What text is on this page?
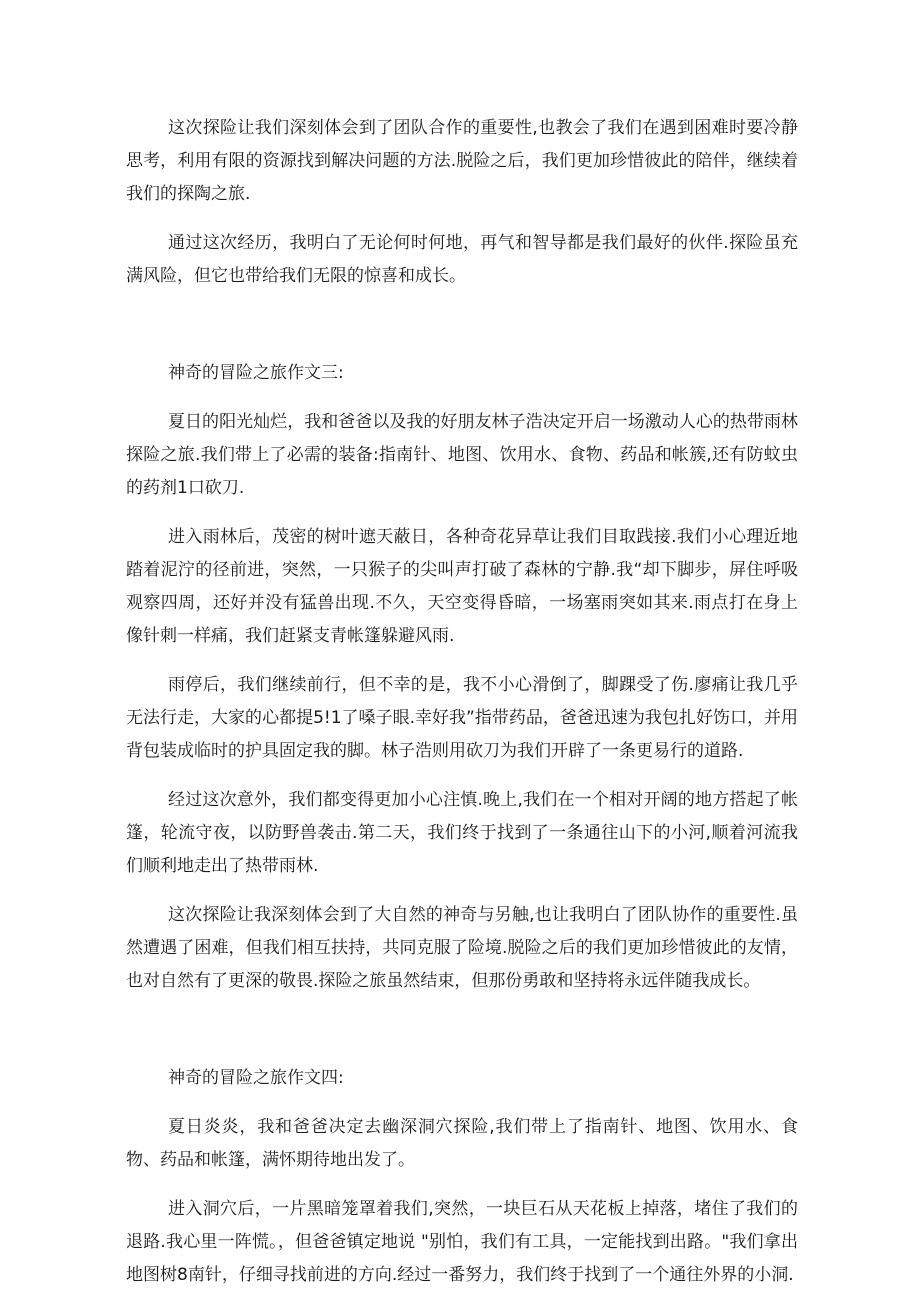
这次探险让我们深刻体会到了团队合作的重要性,也教会了我们在遇到困难时要冷静思考，利用有限的资源找到解决问题的方法.脱险之后，我们更加珍惜彼此的陪伴，继续着我们的探陶之旅.

通过这次经历，我明白了无论何时何地，再气和智导都是我们最好的伙伴.探险虽充满风险，但它也带给我们无限的惊喜和成长。

神奇的冒险之旅作文三:

夏日的阳光灿烂，我和爸爸以及我的好朋友林子浩决定开启一场激动人心的热带雨林探险之旅.我们带上了必需的装备:指南针、地图、饮用水、食物、药品和帐簇,还有防蚊虫的药剂1口砍刀.

进入雨林后，茂密的树叶遮天蔽日，各种奇花异草让我们目取践接.我们小心理近地踏着泥泞的径前进，突然，一只猴子的尖叫声打破了森林的宁静.我“却下脚步，屏住呼吸观察四周，还好并没有猛兽出现.不久，天空变得昏暗，一场塞雨突如其来.雨点打在身上像针刺一样痛，我们赶紧支青帐篷躲避风雨.

雨停后，我们继续前行，但不幸的是，我不小心滑倒了，脚踝受了伤.廖痛让我几乎无法行走，大家的心都提5!1了嗓子眼.幸好我”指带药品，爸爸迅速为我包扎好饬口，并用背包装成临时的护具固定我的脚。林子浩则用砍刀为我们开辟了一条更易行的道路.

经过这次意外，我们都变得更加小心注慎.晚上,我们在一个相对开阔的地方搭起了帐篷，轮流守夜，以防野兽袭击.第二天，我们终于找到了一条通往山下的小河,顺着河流我们顺利地走出了热带雨林.

这次探险让我深刻体会到了大自然的神奇与另触,也让我明白了团队协作的重要性.虽然遭遇了困难，但我们相互扶持，共同克服了险境.脱险之后的我们更加珍惜彼此的友情，也对自然有了更深的敬畏.探险之旅虽然结束，但那份勇敢和坚持将永远伴随我成长。

神奇的冒险之旅作文四:

夏日炎炎，我和爸爸决定去幽深洞穴探险,我们带上了指南针、地图、饮用水、食物、药品和帐篷，满怀期待地出发了。

进入洞穴后，一片黑暗笼罩着我们,突然，一块巨石从天花板上掉落，堵住了我们的退路.我心里一阵慌。，但爸爸镇定地说 "别怕，我们有工具，一定能找到出路。"我们拿出地图树8南针，仔细寻找前进的方向.经过一番努力，我们终于找到了一个通往外界的小洞.
